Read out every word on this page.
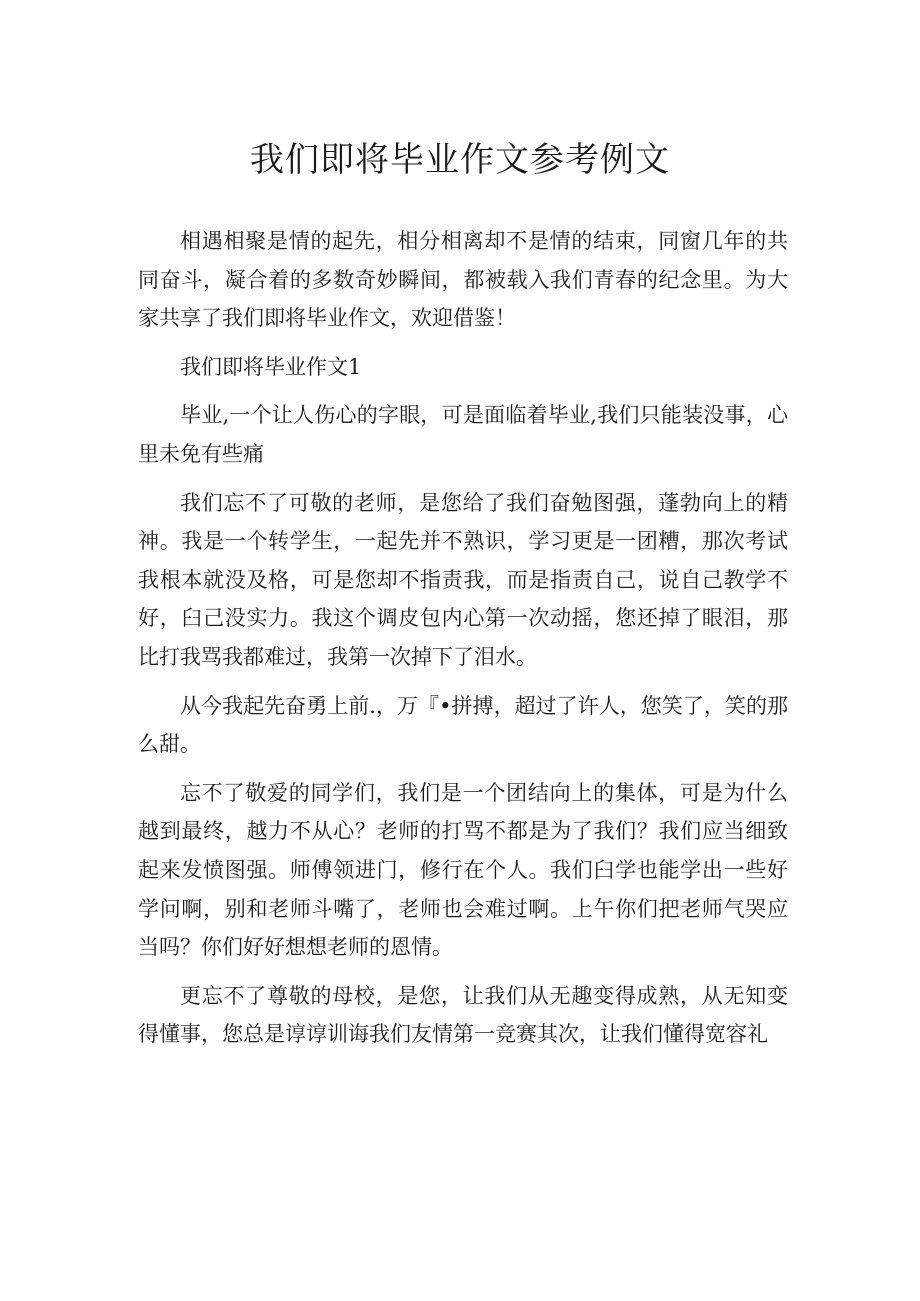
我们即将毕业作文参考例文

相遇相聚是情的起先，相分相离却不是情的结束，同窗几年的共同奋斗，凝合着的多数奇妙瞬间，都被载入我们青春的纪念里。为大家共享了我们即将毕业作文，欢迎借鉴！

我们即将毕业作文1

毕业,一个让人伤心的字眼，可是面临着毕业,我们只能装没事，心里未免有些痛

我们忘不了可敬的老师，是您给了我们奋勉图强，蓬勃向上的精神。我是一个转学生，一起先并不熟识，学习更是一团糟，那次考试我根本就没及格，可是您却不指责我，而是指责自己，说自己教学不好，臼己没实力。我这个调皮包内心第一次动摇，您还掉了眼泪，那比打我骂我都难过，我第一次掉下了泪水。

从今我起先奋勇上前.，万『•拼搏，超过了许人，您笑了，笑的那么甜。

忘不了敬爱的同学们，我们是一个团结向上的集体，可是为什么越到最终，越力不从心？老师的打骂不都是为了我们？我们应当细致起来发愤图强。师傅领进门，修行在个人。我们臼学也能学出一些好学问啊，别和老师斗嘴了，老师也会难过啊。上午你们把老师气哭应当吗？你们好好想想老师的恩情。

更忘不了尊敬的母校，是您，让我们从无趣变得成熟，从无知变得懂事，您总是谆谆训诲我们友情第一竞赛其次，让我们懂得宽容礼
